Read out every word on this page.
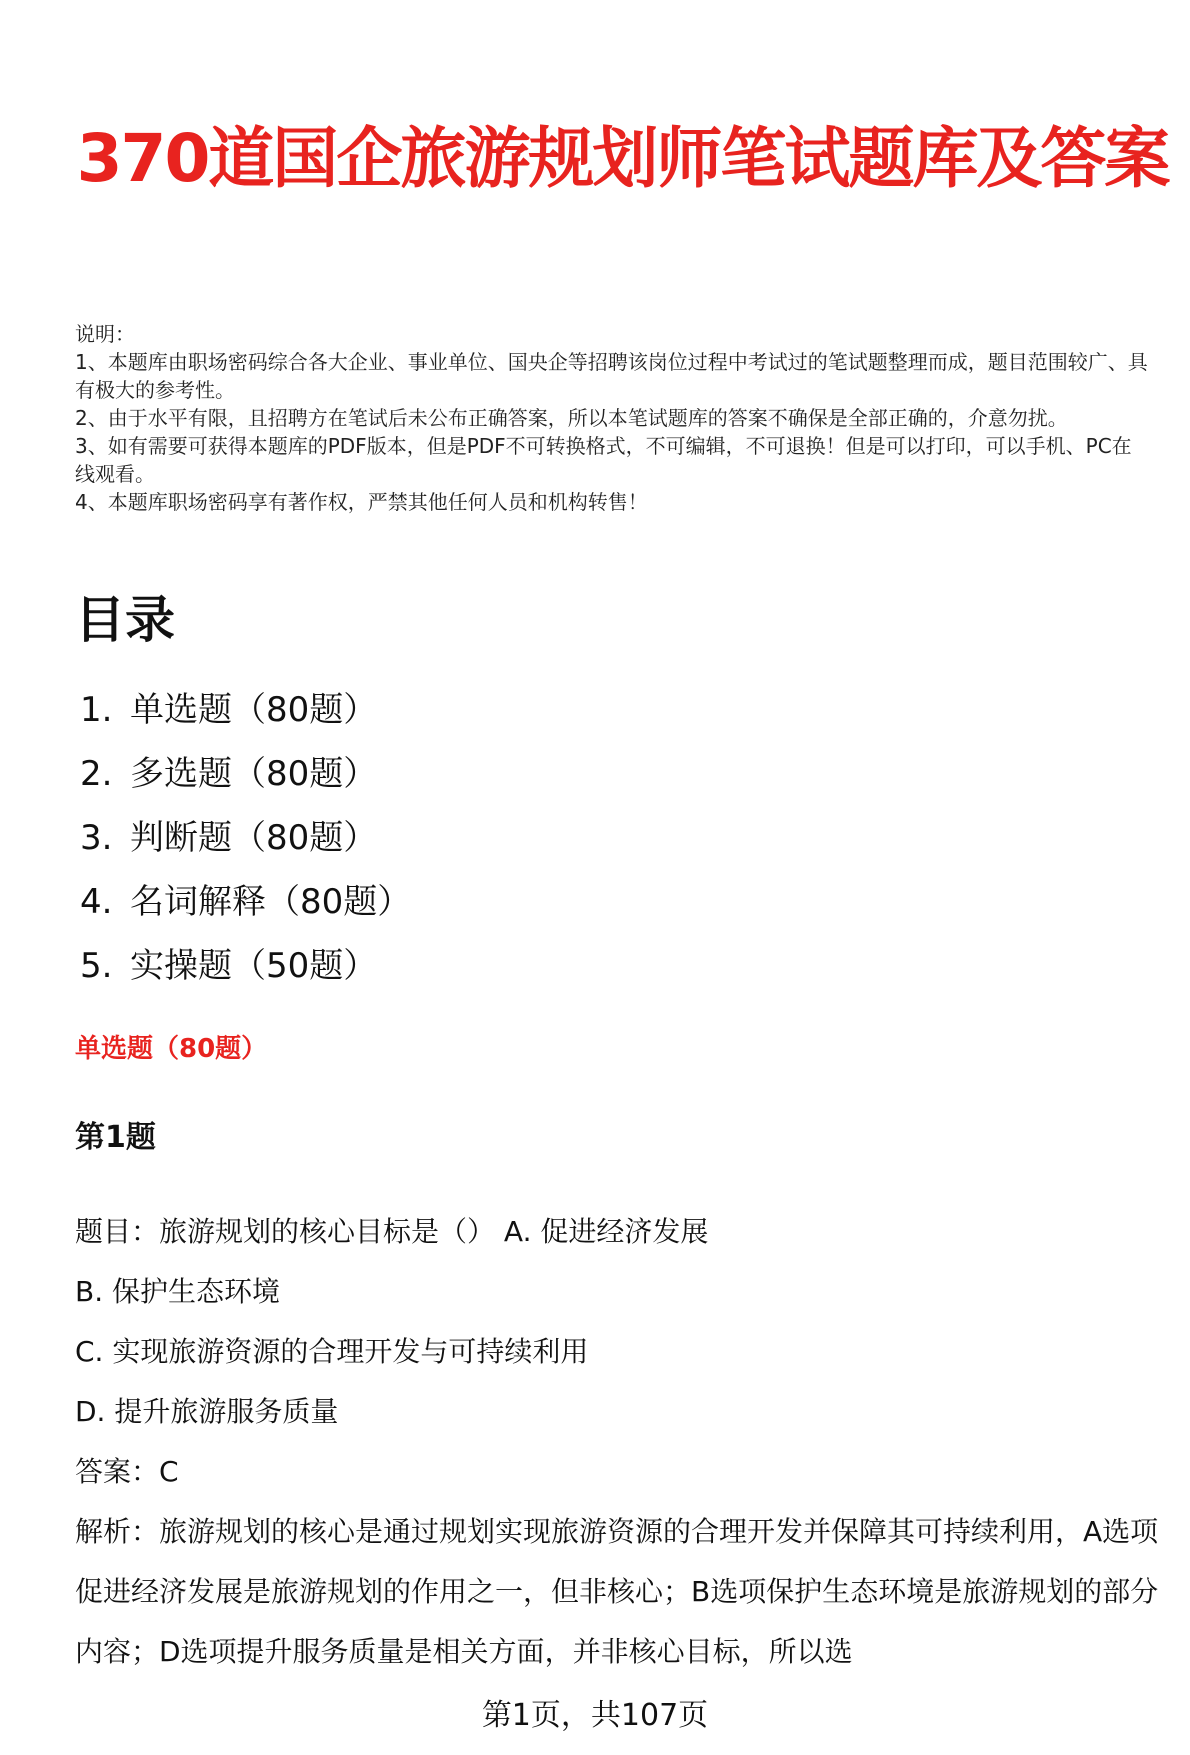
370道国企旅游规划师笔试题库及答案
说明：
1、本题库由职场密码综合各大企业、事业单位、国央企等招聘该岗位过程中考试过的笔试题整理而成，题目范围较广、具有极大的参考性。
2、由于水平有限，且招聘方在笔试后未公布正确答案，所以本笔试题库的答案不确保是全部正确的，介意勿扰。
3、如有需要可获得本题库的PDF版本，但是PDF不可转换格式，不可编辑，不可退换！但是可以打印，可以手机、PC在线观看。
4、本题库职场密码享有著作权，严禁其他任何人员和机构转售！
目录
1. 单选题（80题）
2. 多选题（80题）
3. 判断题（80题）
4. 名词解释（80题）
5. 实操题（50题）
单选题（80题）
第1题
题目：旅游规划的核心目标是（） A. 促进经济发展
B. 保护生态环境
C. 实现旅游资源的合理开发与可持续利用
D. 提升旅游服务质量
答案：C
解析：旅游规划的核心是通过规划实现旅游资源的合理开发并保障其可持续利用，A选项促进经济发展是旅游规划的作用之一，但非核心；B选项保护生态环境是旅游规划的部分内容；D选项提升服务质量是相关方面，并非核心目标，所以选
第1页，共107页
